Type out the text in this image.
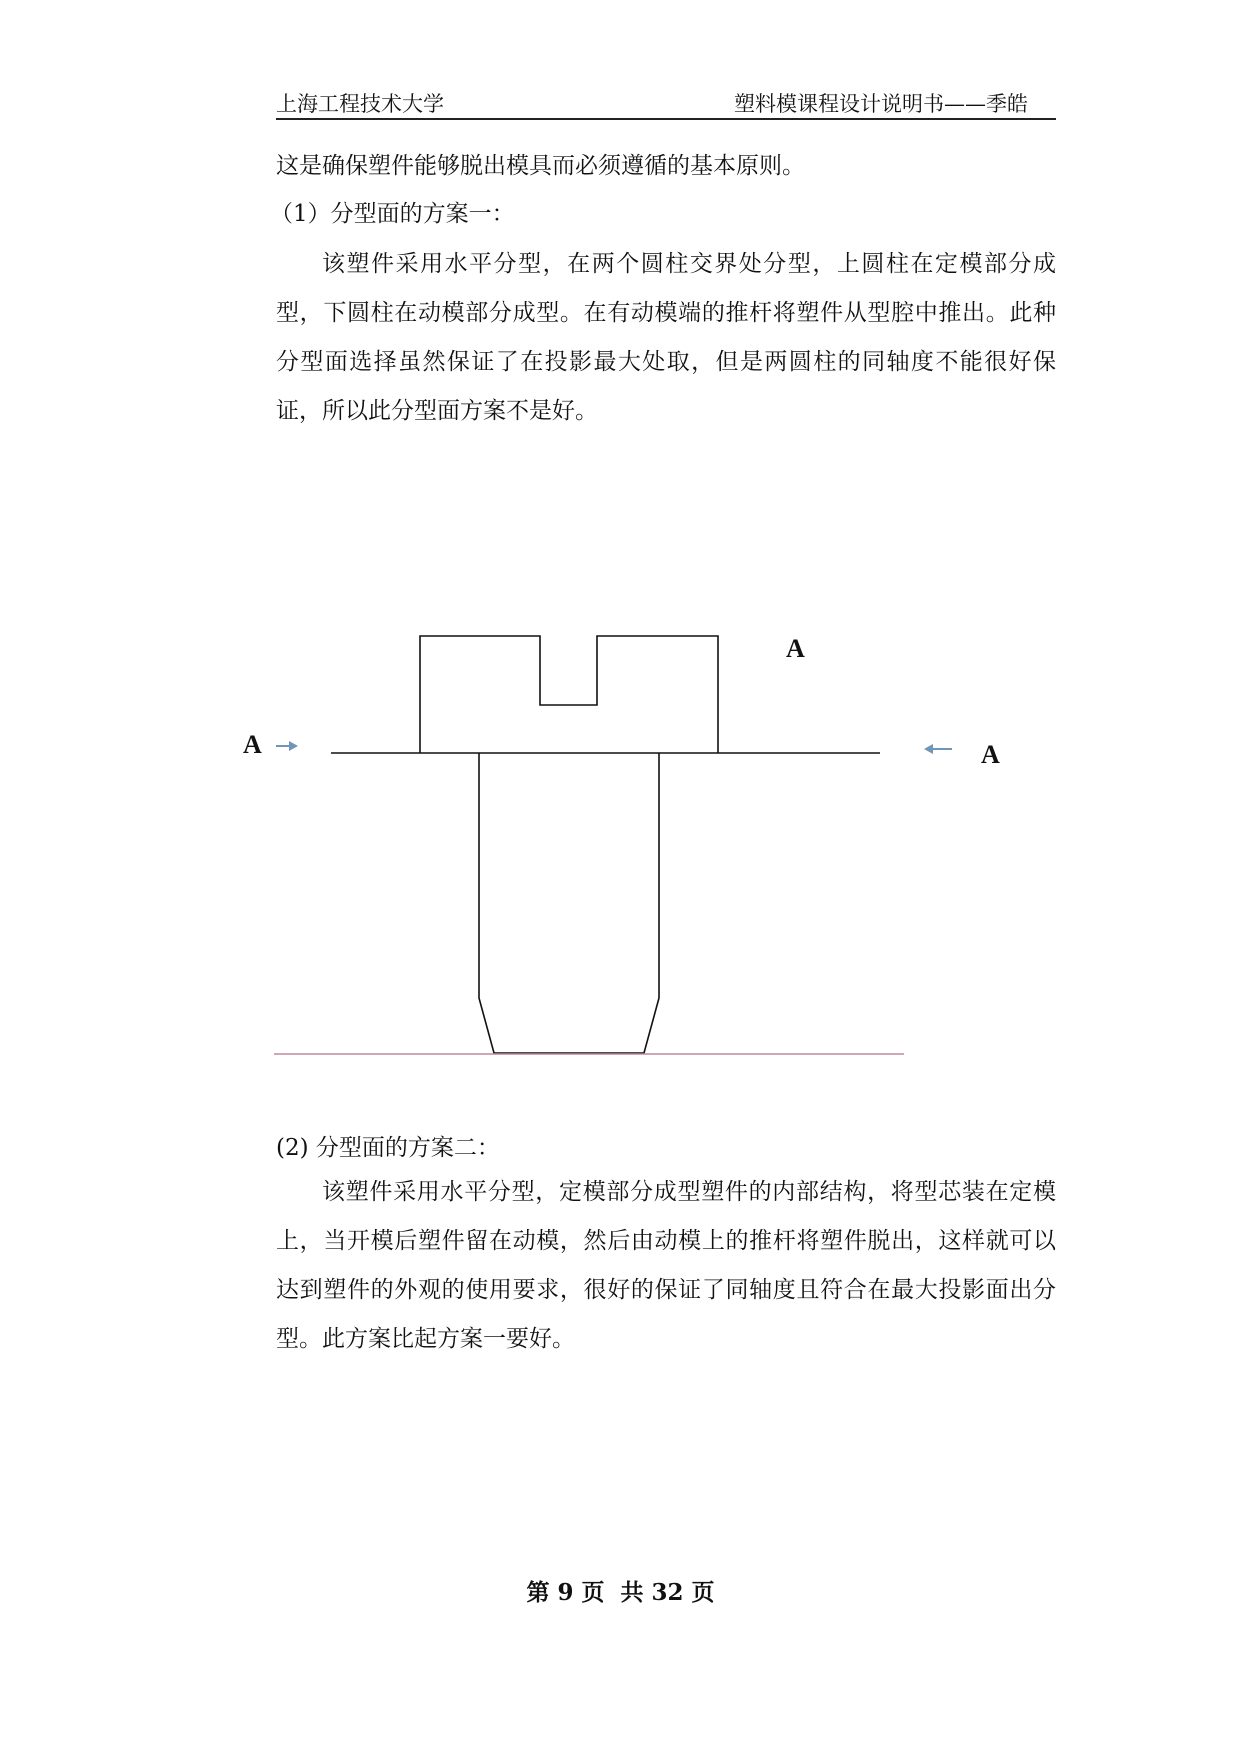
上海工程技术大学	塑料模课程设计说明书——季皓
这是确保塑件能够脱出模具而必须遵循的基本原则。
（1）分型面的方案一：

该塑件采用水平分型，在两个圆柱交界处分型，上圆柱在定模部分成型，下圆柱在动模部分成型。在有动模端的推杆将塑件从型腔中推出。此种分型面选择虽然保证了在投影最大处取，但是两圆柱的同轴度不能很好保证，所以此分型面方案不是好。

A
A	A
(2) 分型面的方案二：

该塑件采用水平分型，定模部分成型塑件的内部结构，将型芯装在定模上，当开模后塑件留在动模，然后由动模上的推杆将塑件脱出，这样就可以达到塑件的外观的使用要求，很好的保证了同轴度且符合在最大投影面出分型。此方案比起方案一要好。

第 9 页  共 32 页
